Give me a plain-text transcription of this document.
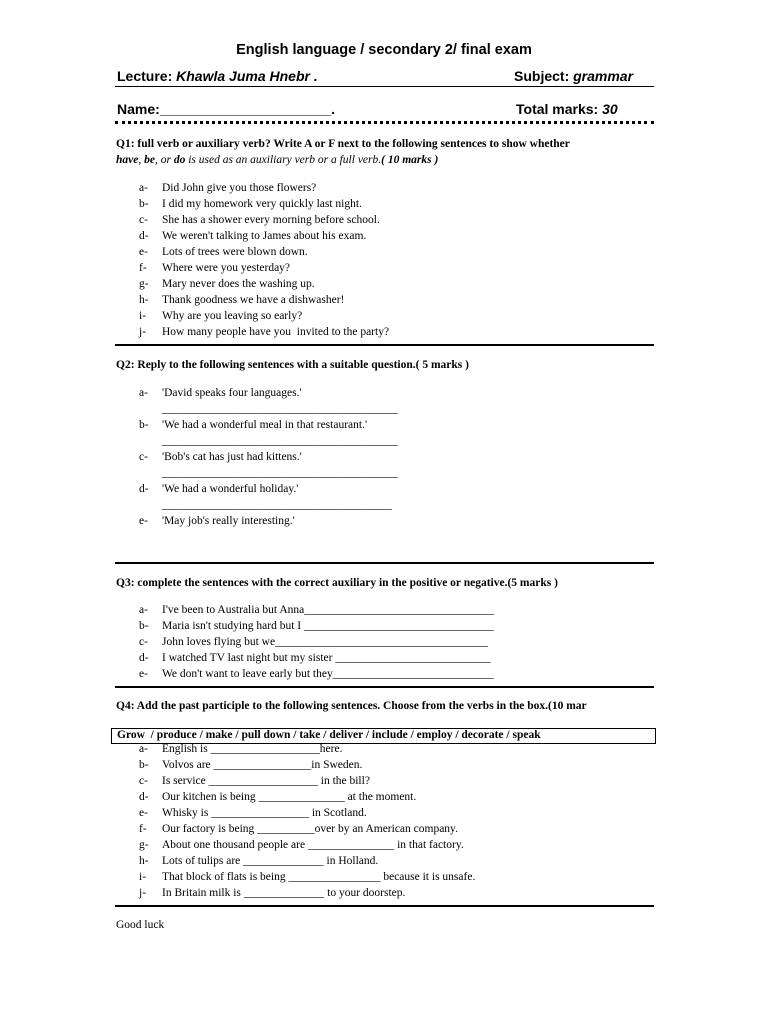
English language / secondary 2/ final exam
Lecture: Khawla Juma Hnebr .	Subject: grammar
Name:______________________.	Total marks: 30
Q1: full verb or auxiliary verb? Write A or F next to the following sentences to show whether
have, be, or do is used as an auxiliary verb or a full verb.( 10 marks )
a- Did John give you those flowers?
b- I did my homework very quickly last night.
c- She has a shower every morning before school.
d- We weren't talking to James about his exam.
e- Lots of trees were blown down.
f- Where were you yesterday?
g- Mary never does the washing up.
h- Thank goodness we have a dishwasher!
i- Why are you leaving so early?
j- How many people have you  invited to the party?
Q2: Reply to the following sentences with a suitable question.( 5 marks )
a- 'David speaks four languages.'
_________________________________________
b- 'We had a wonderful meal in that restaurant.'
_________________________________________
c- 'Bob's cat has just had kittens.'
_________________________________________
d- 'We had a wonderful holiday.'
________________________________________
e- 'May job's really interesting.'
Q3: complete the sentences with the correct auxiliary in the positive or negative.(5 marks )
a- I've been to Australia but Anna_________________________________
b- Maria isn't studying hard but I _________________________________
c- John loves flying but we_____________________________________
d- I watched TV last night but my sister ___________________________
e- We don't want to leave early but they____________________________
Q4: Add the past participle to the following sentences. Choose from the verbs in the box.(10 mar
Grow  / produce / make / pull down / take / deliver / include / employ / decorate / speak
a- English is ___________________here.
b- Volvos are _________________in Sweden.
c- Is service ___________________ in the bill?
d- Our kitchen is being _______________ at the moment.
e- Whisky is _________________ in Scotland.
f- Our factory is being __________over by an American company.
g- About one thousand people are _______________ in that factory.
h- Lots of tulips are ______________ in Holland.
i- That block of flats is being ________________ because it is unsafe.
j- In Britain milk is ______________ to your doorstep.
Good luck
